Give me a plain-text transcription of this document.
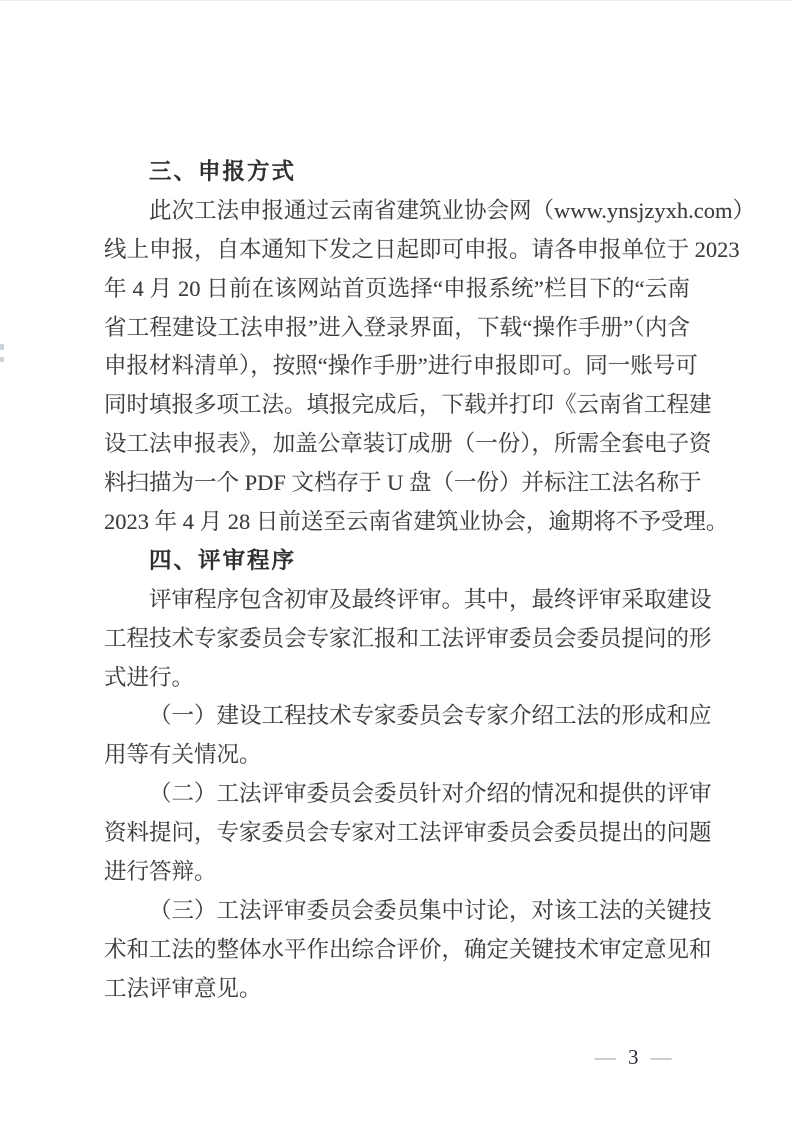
三、申报方式
此次工法申报通过云南省建筑业协会网（www.ynsjzyxh.com）
线上申报，自本通知下发之日起即可申报。请各申报单位于 2023
年 4 月 20 日前在该网站首页选择“申报系统”栏目下的“云南
省工程建设工法申报”进入登录界面，下载“操作手册”（内含
申报材料清单），按照“操作手册”进行申报即可。同一账号可
同时填报多项工法。填报完成后，下载并打印《云南省工程建
设工法申报表》，加盖公章装订成册（一份），所需全套电子资
料扫描为一个 PDF 文档存于 U 盘（一份）并标注工法名称于
2023 年 4 月 28 日前送至云南省建筑业协会，逾期将不予受理。
四、评审程序
评审程序包含初审及最终评审。其中，最终评审采取建设
工程技术专家委员会专家汇报和工法评审委员会委员提问的形
式进行。
（一）建设工程技术专家委员会专家介绍工法的形成和应
用等有关情况。
（二）工法评审委员会委员针对介绍的情况和提供的评审
资料提问，专家委员会专家对工法评审委员会委员提出的问题
进行答辩。
（三）工法评审委员会委员集中讨论，对该工法的关键技
术和工法的整体水平作出综合评价，确定关键技术审定意见和
工法评审意见。
— 3 —
